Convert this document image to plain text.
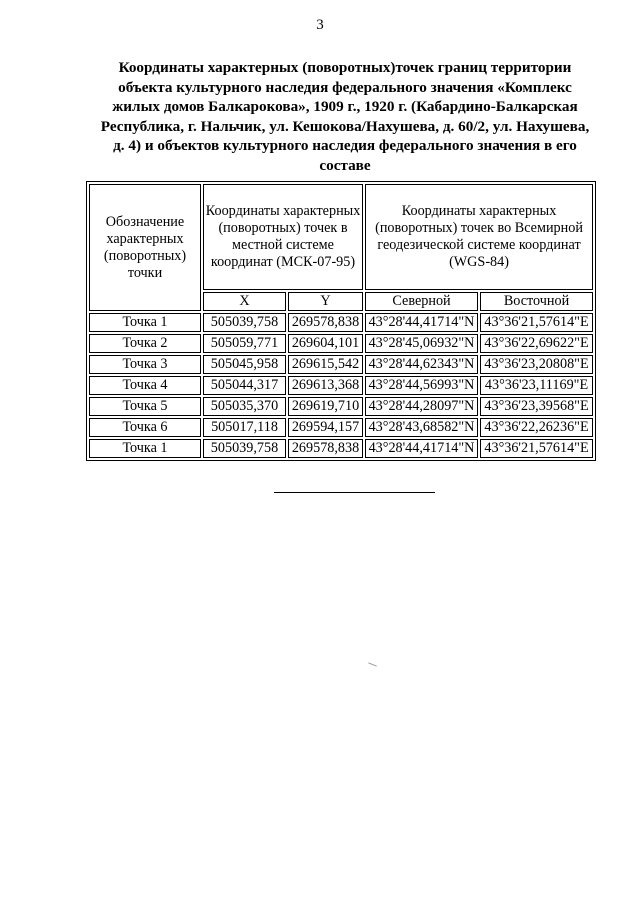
3
Координаты характерных (поворотных)точек границ территории объекта культурного наследия федерального значения «Комплекс жилых домов Балкарокова», 1909 г., 1920 г. (Кабардино-Балкарская Республика, г. Нальчик, ул. Кешокова/Нахушева, д. 60/2, ул. Нахушева, д. 4) и объектов культурного наследия федерального значения в его составе
Обозначение характерных (поворотных) точки	Координаты характерных (поворотных) точек в местной системе координат (МСК-07-95)		Координаты характерных (поворотных) точек во Всемирной геодезической системе координат (WGS-84)	
	X	Y	Северной	Восточной
Точка 1	505039,758	269578,838	43°28'44,41714"N	43°36'21,57614"E
Точка 2	505059,771	269604,101	43°28'45,06932"N	43°36'22,69622"E
Точка 3	505045,958	269615,542	43°28'44,62343"N	43°36'23,20808"E
Точка 4	505044,317	269613,368	43°28'44,56993"N	43°36'23,11169"E
Точка 5	505035,370	269619,710	43°28'44,28097"N	43°36'23,39568"E
Точка 6	505017,118	269594,157	43°28'43,68582"N	43°36'22,26236"E
Точка 1	505039,758	269578,838	43°28'44,41714"N	43°36'21,57614"E
